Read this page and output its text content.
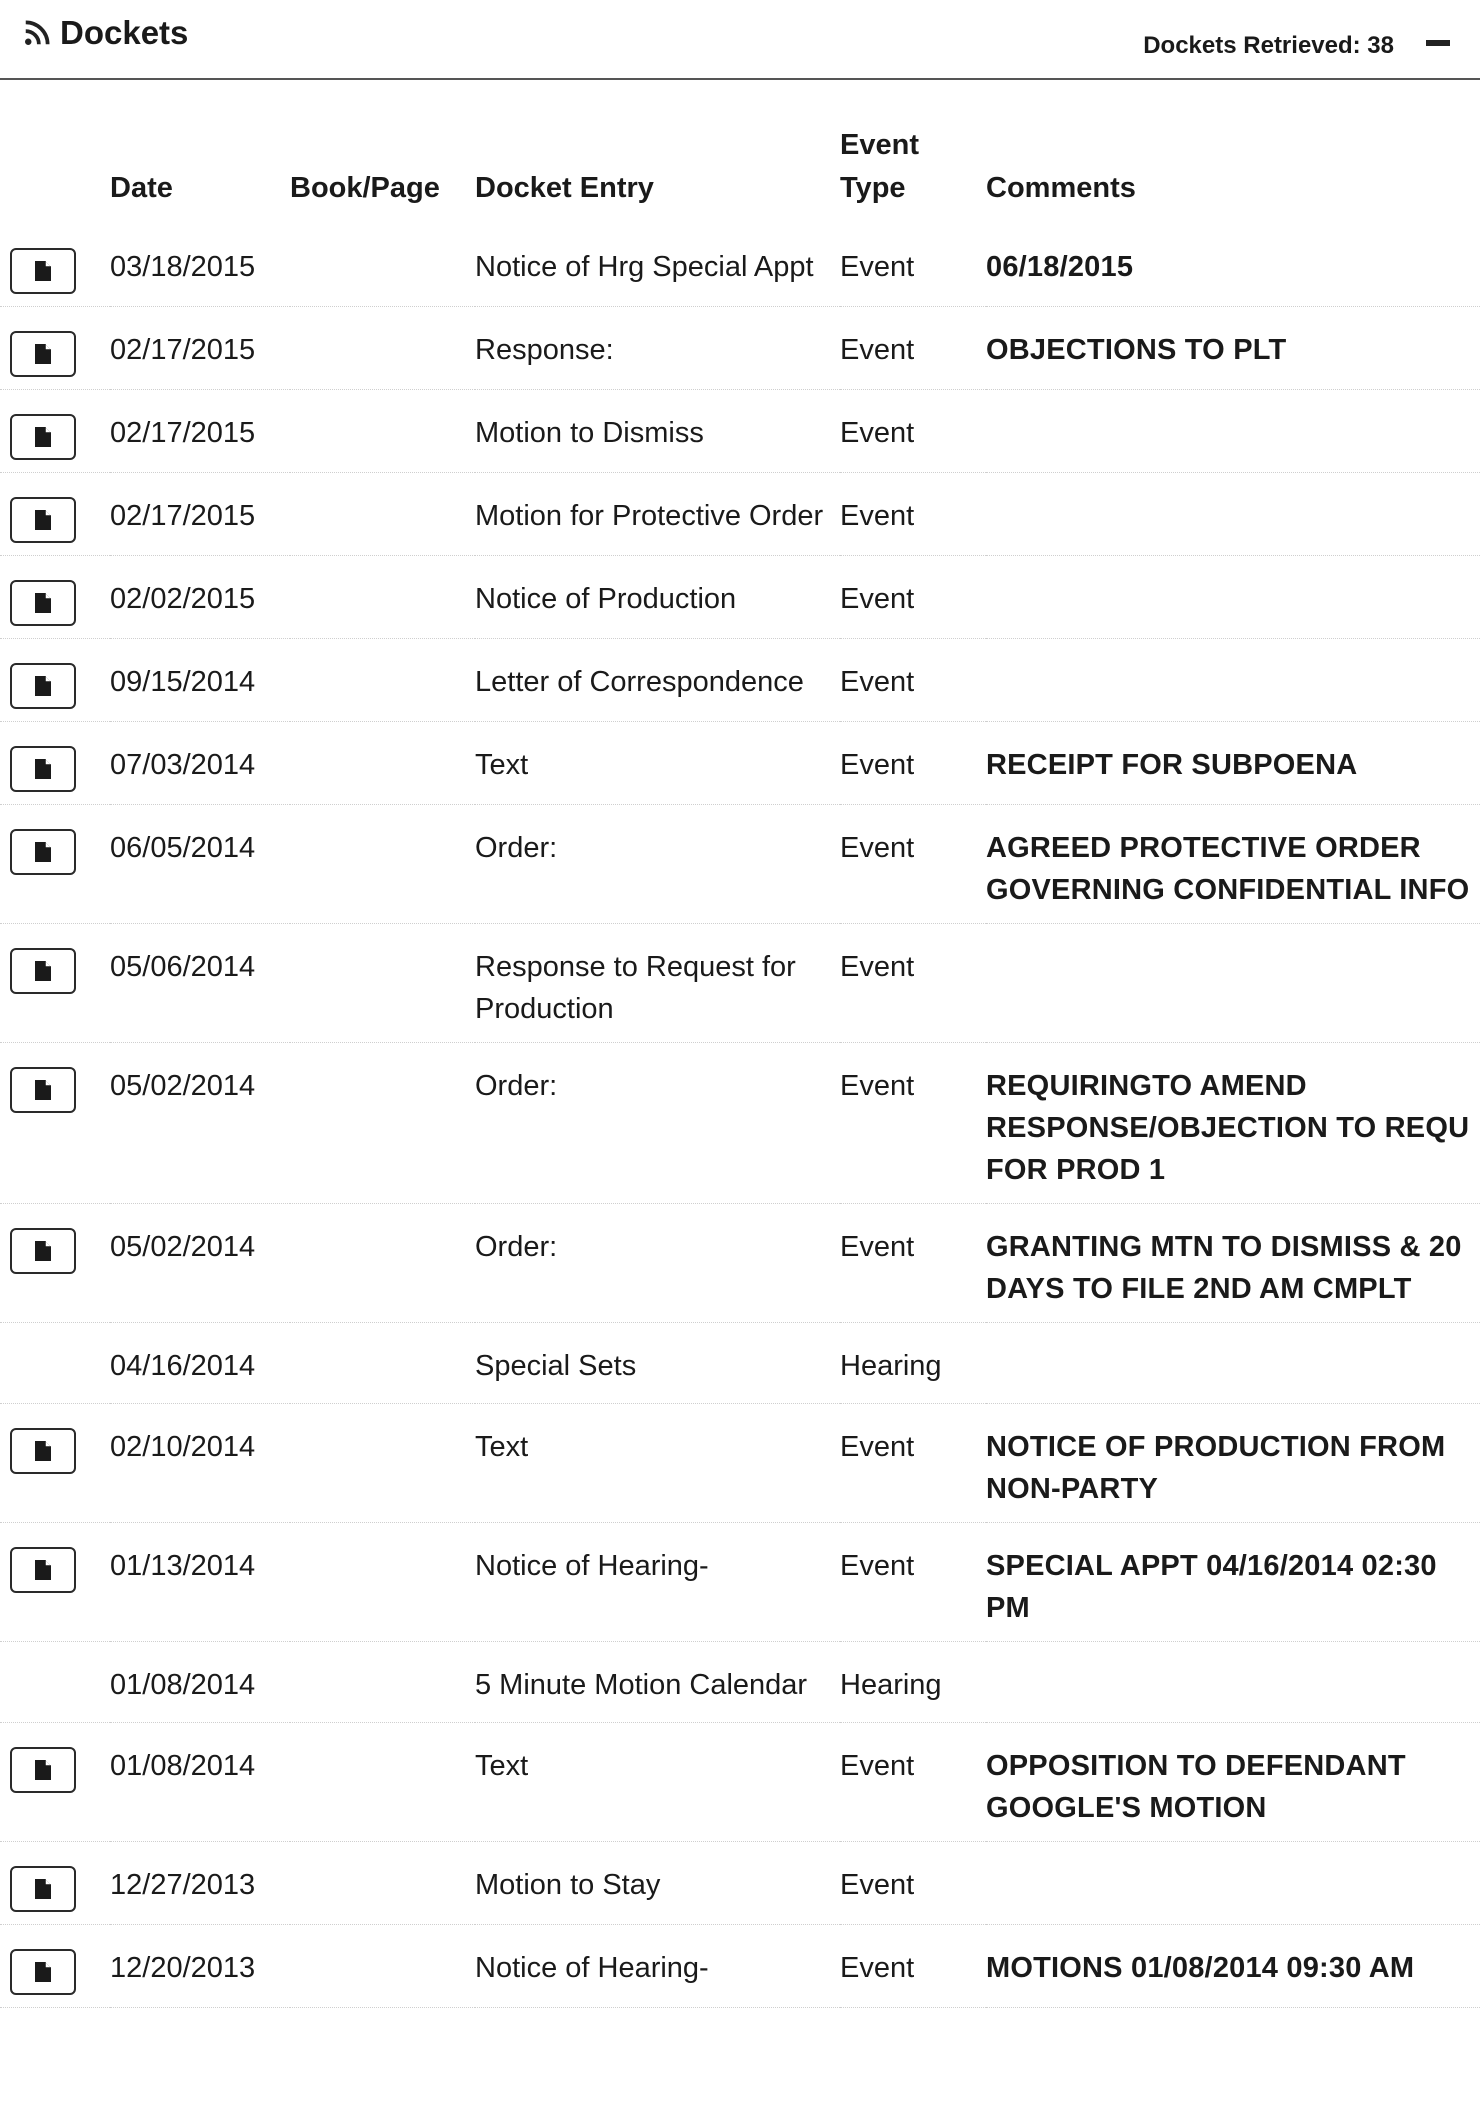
Dockets	Dockets Retrieved: 38
	Date	Book/Page	Docket Entry	Event Type	Comments

	03/18/2015		Notice of Hrg Special Appt	Event	06/18/2015

	02/17/2015		Response:	Event	OBJECTIONS TO PLT

	02/17/2015		Motion to Dismiss	Event	

	02/17/2015		Motion for Protective Order	Event	

	02/02/2015		Notice of Production	Event	

	09/15/2014		Letter of Correspondence	Event	

	07/03/2014		Text	Event	RECEIPT FOR SUBPOENA

	06/05/2014		Order:	Event	AGREED PROTECTIVE ORDER GOVERNING CONFIDENTIAL INFO

	05/06/2014		Response to Request for Production	Event	

	05/02/2014		Order:	Event	REQUIRINGTO AMEND RESPONSE/OBJECTION TO REQU FOR PROD 1

	05/02/2014		Order:	Event	GRANTING MTN TO DISMISS & 20 DAYS TO FILE 2ND AM CMPLT

	04/16/2014		Special Sets	Hearing	

	02/10/2014		Text	Event	NOTICE OF PRODUCTION FROM NON-PARTY

	01/13/2014		Notice of Hearing-	Event	SPECIAL APPT 04/16/2014 02:30 PM

	01/08/2014		5 Minute Motion Calendar	Hearing	

	01/08/2014		Text	Event	OPPOSITION TO DEFENDANT GOOGLE'S MOTION

	12/27/2013		Motion to Stay	Event	

	12/20/2013		Notice of Hearing-	Event	MOTIONS 01/08/2014 09:30 AM
